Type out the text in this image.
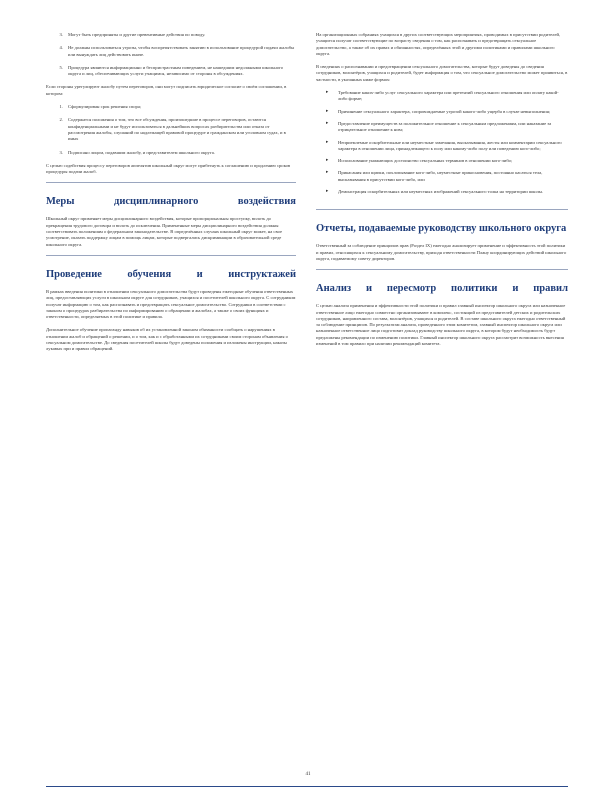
3.	Могут быть предприняты и другие превентивные действия по поводу.
4.	Не должны использоваться угрозы, чтобы воспрепятствовать занятию в использование процедурой подачи жалобы или вынуждать лиц действовать иначе.
5.	Процедура являются информационно и беспристрастным поведением, не нашедшим недолжными школьного округа и лиц, обеспечивающих услуги учащимся, независимо от стороны в обсуждениях.

Если стороны урегулируют жалобу путем переговоров, они могут подписать юридическое согласие о своём соглашении, в котором:

1.	Сформулирован срок решения спора;
2.	Содержатся положения о том, что все обсуждения, произошедшие в процессе переговоров, остаются конфиденциальными и не будут использоваться в дальнейших вопросах разбирательства или отказа от рассмотрения жалобы, слушаний по надлежащей правовой процедуре и гражданском или уголовном судах, и в иных
3.	Подписано лицом, подавшим жалобу, и представителем школьного округа.

С целью содействия процессу переговоров аппелятив школьный округ могут прибегнуть к соглашению и продлению сроков процедуры подачи жалоб.

Меры дисциплинарного воздействия

Школьный округ применяет меры дисциплинарного воздействия, которые пропорциональны проступку, вплоть до прекращения трудового договора и вплоть до исключения. Примененные меры дисциплинарного воздействия должны соответствовать положениям о федеральном законодательстве. В определённых случаях школьный округ может, на свое усмотрение, оказать поддержку лицам в помощь лицам, которые подвергались дискриминации в образовательной среде школьного округа.

Проведение обучения и инструктажей

В рамках введения политики в отношении сексуального домогательства будут проведены ежегодные обучения ответственных лиц, предоставляющих услуги в школьном округе для сотрудников, учащихся и посетителей школьного округа. С сотрудником получат информацию о том, как распознавать и предотвращать сексуальное домогательство. Сотрудники в соответствии с законом о процедурах разбирательства по информированию о обращении и жалобах, а также о своих функциях и ответственности, определяемых в этой политике и правила.

Дополнительное обучение пропаганду навыков об их установленной законом обязанности сообщать о нарушениях в отношении жалоб и обращений о решении, и о том, как и с обработанными их сотрудниками своим сторонам объявления о сексуальном домогательстве. До сведения посетителей школы будут доведены положения и изложены инструкции, наказы лукавых при и правил обращений.

На организационных собраниях учащихся в других соответствующих мероприятиях, проводимых в присутствии родителей, учащиеся получат соответствующие по возрасту сведения о том, как распознавать и предотвращать сексуальное домогательство, а также об их правах и обязанностях, определённых этой и другими политиками и правилами школьного округа.

В сведениях о распознавании и предотвращении сексуального домогательства, которые будут доведены до сведения сотрудников, волонтёров, учащихся и родителей, будет информация о том, что сексуальное домогательство может проявиться, в частности, в указанных ниже формах:

▸	Требование каких-либо услуг сексуального характера или претензий сексуального отношения или оплату какой-либо форме;
▸	Причинение сексуального характера, сопровождаемые угрозой какого-либо ущерба в случае невыполнения;
▸	Предоставление преимуществ за положительное отношение к сексуальным предложениям, или наказание за отрицательное отношение к ним;
▸	Неприемлемые оскорбительные или неуместные замечания, высказывания, жесты или комментарии сексуального характера в отношении лица, принадлежащего к полу или какому-либо полу или поведению кого-либо;
▸	Использование унижающих достоинство сексуальных терминов в отношении кого-либо;
▸	Прикасания или щипки, похлопывание кого-либо, неуместные прикосновения, постоянно касаться тела, высказывания в присутствии кого-либо, или
▸	Демонстрация оскорбительных или неуместных изображений сексуального толка на территории школы.
Отчеты, подаваемые руководству школьного округа

Ответственный за соблюдение принципов прав (Раздел IX) ежегодно анализирует применение и эффективность этой политики и правил, относящихся к сексуальному домогательству, приходя ответственности Плану координирующих действий школьного округа, подаваемому совету директоров.

Анализ и пересмотр политики и правил

С целью анализа применения и эффективности этой политики и правил главный инспектор школьного округа или назначенное ответственное лицо ежегодно совместно организовывают в комплекс, состоящий из представителей детских и родительских сотрудников, направленного состава, волонтёров, учащихся и родителей. В составе школьного округа ежегодно ответственный за соблюдение принципов. По результатам анализа, проведенного этим комитетом, главный инспектор школьного округа или назначенное ответственное лицо подготовит доклад руководству школьного округа, в котором будут необходимость будут предложены рекомендации по изменению политики. Главный инспектор школьного округа рассмотрит возможность внесения изменений в том правило при наличии рекомендаций комитета.

41
